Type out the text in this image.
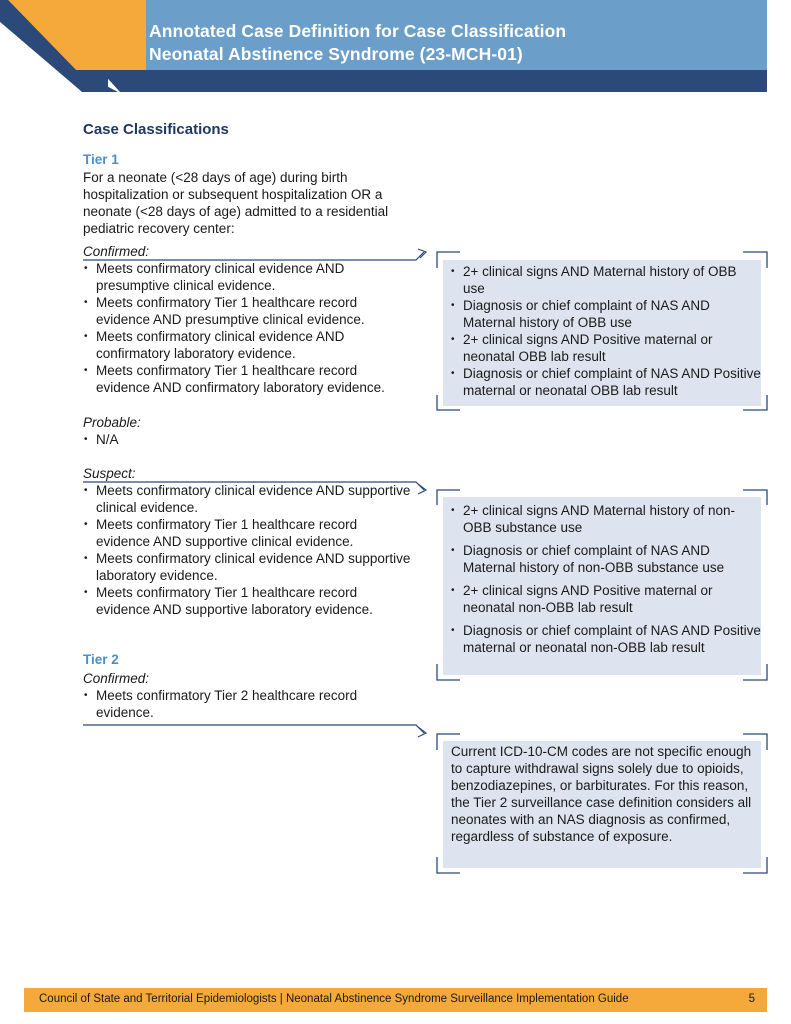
Annotated Case Definition for Case Classification
Neonatal Abstinence Syndrome (23-MCH-01)
Case Classifications
Tier 1
For a neonate (<28 days of age) during birth hospitalization or subsequent hospitalization OR a neonate (<28 days of age) admitted to a residential pediatric recovery center:
Confirmed:
• Meets confirmatory clinical evidence AND presumptive clinical evidence.
• Meets confirmatory Tier 1 healthcare record evidence AND presumptive clinical evidence.
• Meets confirmatory clinical evidence AND confirmatory laboratory evidence.
• Meets confirmatory Tier 1 healthcare record evidence AND confirmatory laboratory evidence.
Probable:
• N/A
Suspect:
• Meets confirmatory clinical evidence AND supportive clinical evidence.
• Meets confirmatory Tier 1 healthcare record evidence AND supportive clinical evidence.
• Meets confirmatory clinical evidence AND supportive laboratory evidence.
• Meets confirmatory Tier 1 healthcare record evidence AND supportive laboratory evidence.
Tier 2
Confirmed:
• Meets confirmatory Tier 2 healthcare record evidence.
• 2+ clinical signs AND Maternal history of OBB use
• Diagnosis or chief complaint of NAS AND Maternal history of OBB use
• 2+ clinical signs AND Positive maternal or neonatal OBB lab result
• Diagnosis or chief complaint of NAS AND Positive maternal or neonatal OBB lab result
• 2+ clinical signs AND Maternal history of non-OBB substance use
• Diagnosis or chief complaint of NAS AND Maternal history of non-OBB substance use
• 2+ clinical signs AND Positive maternal or neonatal non-OBB lab result
• Diagnosis or chief complaint of NAS AND Positive maternal or neonatal non-OBB lab result
Current ICD-10-CM codes are not specific enough to capture withdrawal signs solely due to opioids, benzodiazepines, or barbiturates. For this reason, the Tier 2 surveillance case definition considers all neonates with an NAS diagnosis as confirmed, regardless of substance of exposure.
Council of State and Territorial Epidemiologists | Neonatal Abstinence Syndrome Surveillance Implementation Guide	5
